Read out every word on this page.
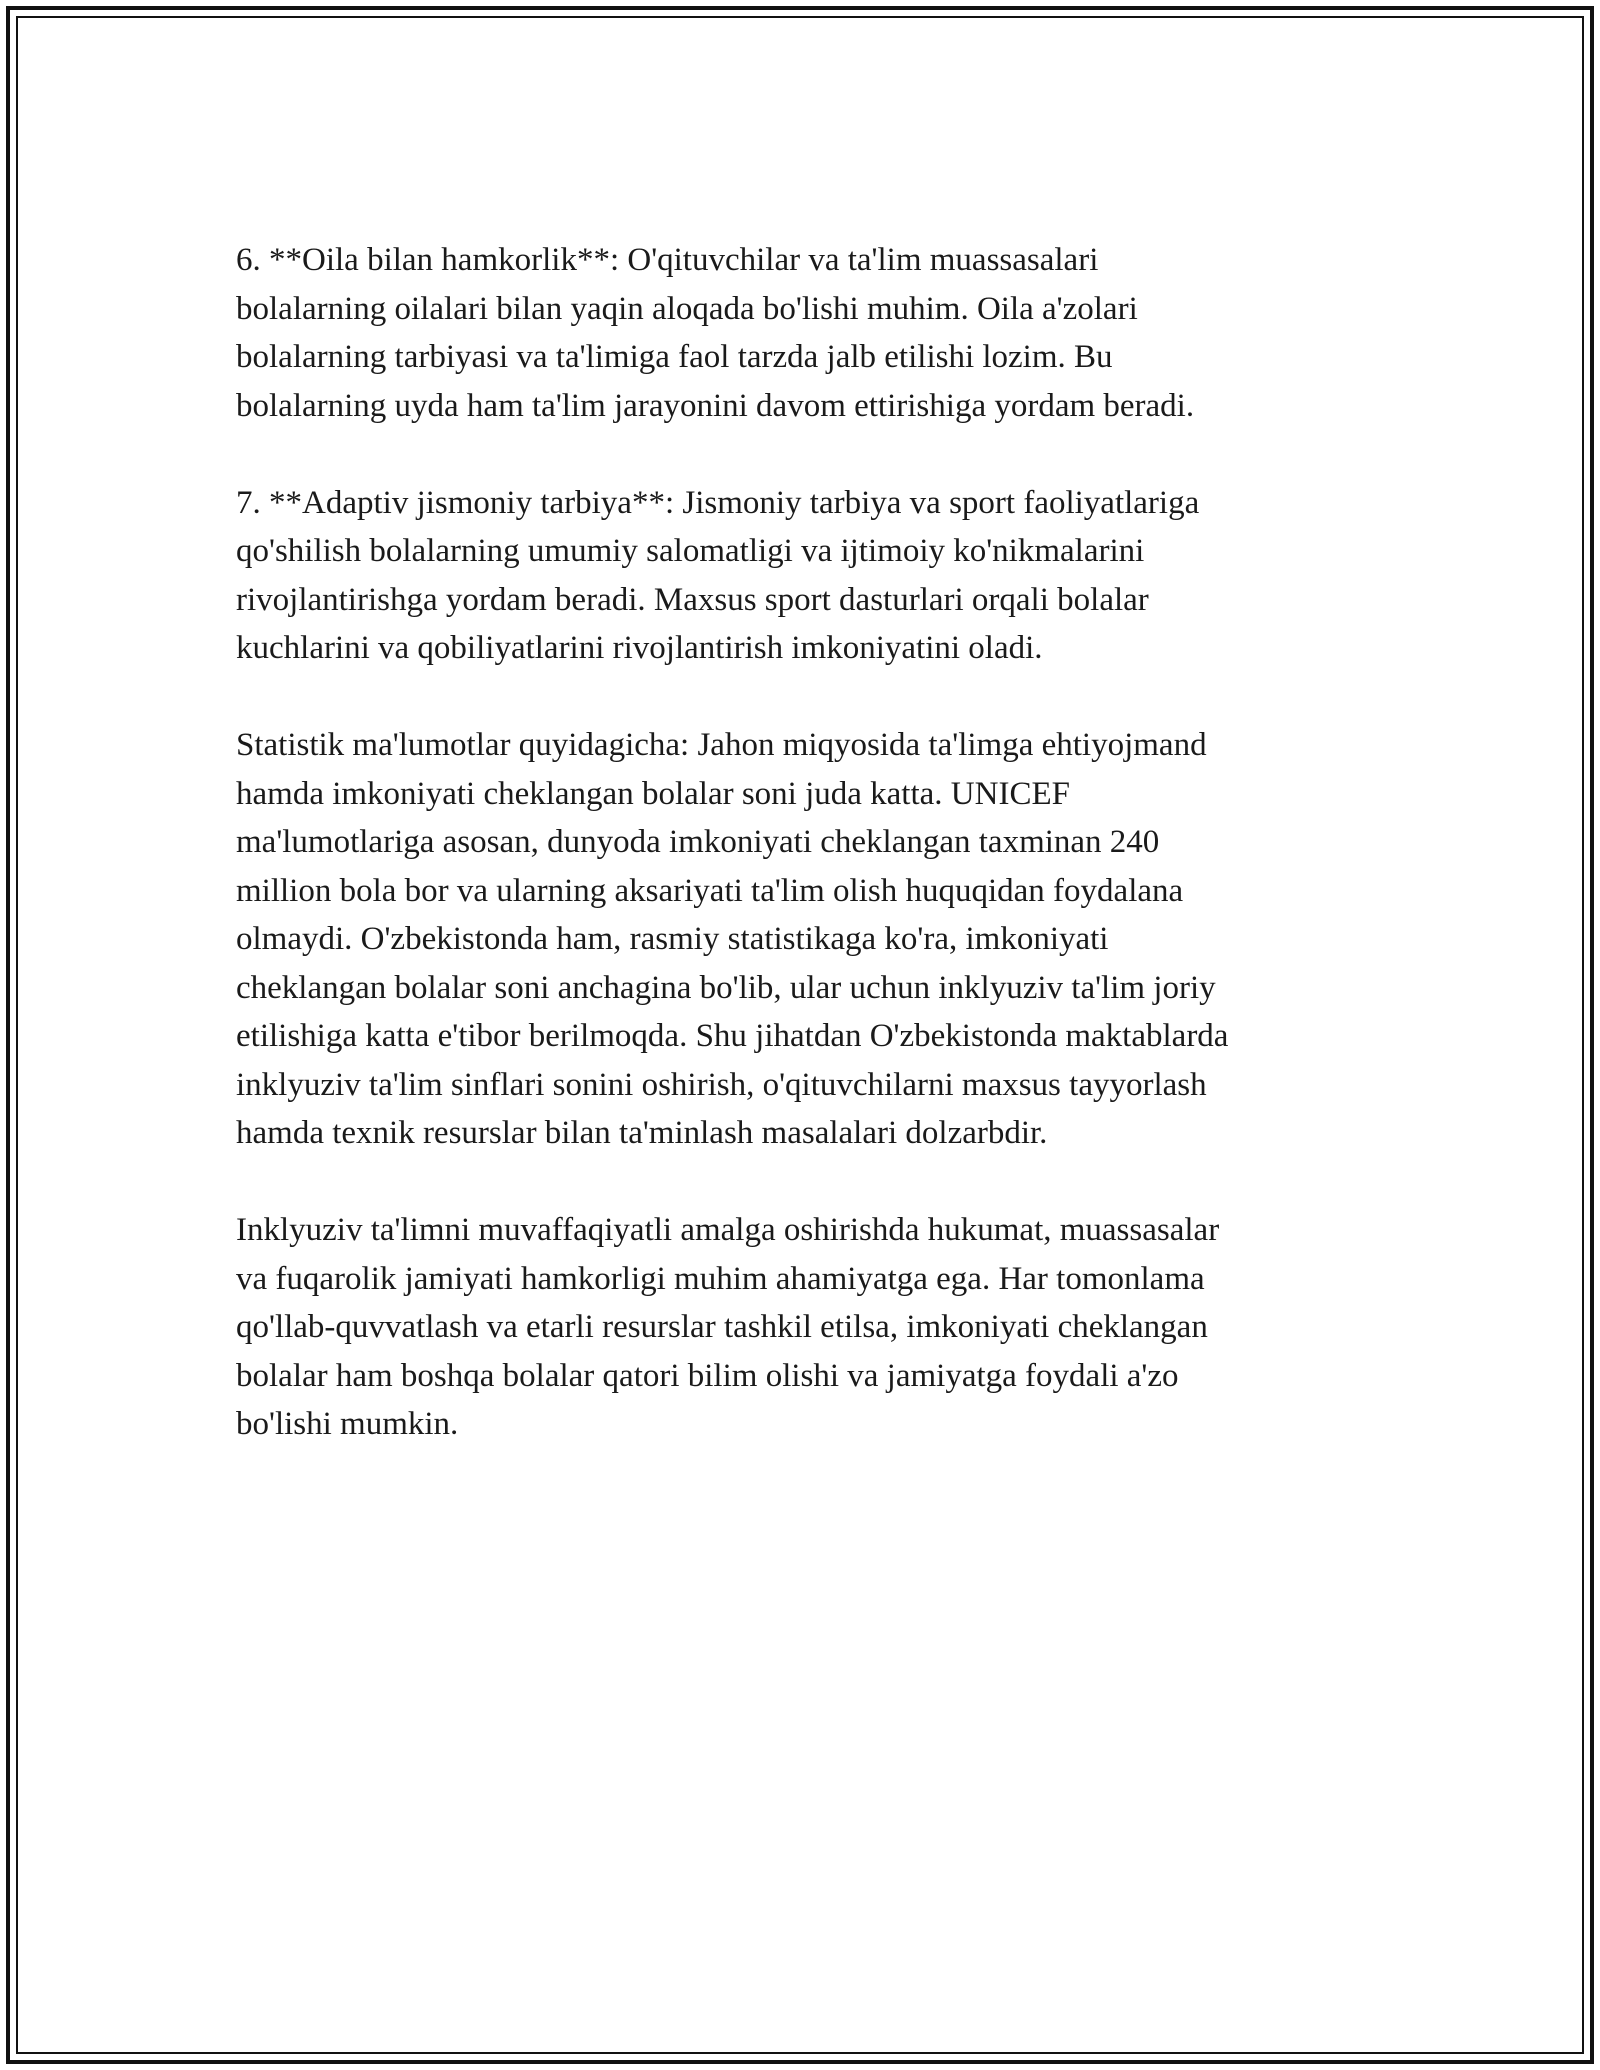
6. **Oila bilan hamkorlik**: O'qituvchilar va ta'lim muassasalari
bolalarning oilalari bilan yaqin aloqada bo'lishi muhim. Oila a'zolari
bolalarning tarbiyasi va ta'limiga faol tarzda jalb etilishi lozim. Bu
bolalarning uyda ham ta'lim jarayonini davom ettirishiga yordam beradi.

7. **Adaptiv jismoniy tarbiya**: Jismoniy tarbiya va sport faoliyatlariga
qo'shilish bolalarning umumiy salomatligi va ijtimoiy ko'nikmalarini
rivojlantirishga yordam beradi. Maxsus sport dasturlari orqali bolalar
kuchlarini va qobiliyatlarini rivojlantirish imkoniyatini oladi.

Statistik ma'lumotlar quyidagicha: Jahon miqyosida ta'limga ehtiyojmand
hamda imkoniyati cheklangan bolalar soni juda katta. UNICEF
ma'lumotlariga asosan, dunyoda imkoniyati cheklangan taxminan 240
million bola bor va ularning aksariyati ta'lim olish huquqidan foydalana
olmaydi. O'zbekistonda ham, rasmiy statistikaga ko'ra, imkoniyati
cheklangan bolalar soni anchagina bo'lib, ular uchun inklyuziv ta'lim joriy
etilishiga katta e'tibor berilmoqda. Shu jihatdan O'zbekistonda maktablarda
inklyuziv ta'lim sinflari sonini oshirish, o'qituvchilarni maxsus tayyorlash
hamda texnik resurslar bilan ta'minlash masalalari dolzarbdir.

Inklyuziv ta'limni muvaffaqiyatli amalga oshirishda hukumat, muassasalar
va fuqarolik jamiyati hamkorligi muhim ahamiyatga ega. Har tomonlama
qo'llab-quvvatlash va etarli resurslar tashkil etilsa, imkoniyati cheklangan
bolalar ham boshqa bolalar qatori bilim olishi va jamiyatga foydali a'zo
bo'lishi mumkin.
